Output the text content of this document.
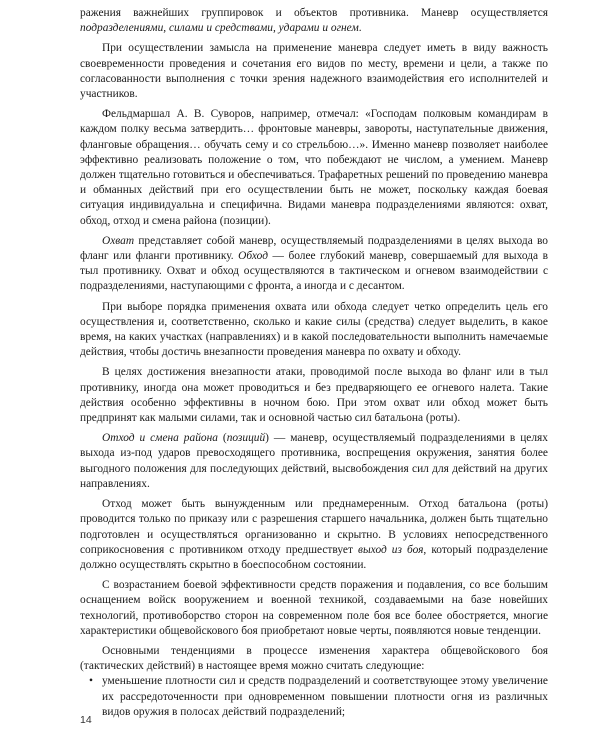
ражения важнейших группировок и объектов противника. Маневр осуществляется подразделениями, силами и средствами, ударами и огнем.

При осуществлении замысла на применение маневра следует иметь в виду важность своевременности проведения и сочетания его видов по месту, времени и цели, а также по согласованности выполнения с точки зрения надежного взаимодействия его исполнителей и участников.

Фельдмаршал А. В. Суворов, например, отмечал: «Господам полковым командирам в каждом полку весьма затвердить… фронтовые маневры, завороты, наступательные движения, фланговые обращения… обучать сему и со стрельбою…». Именно маневр позволяет наиболее эффективно реализовать положение о том, что побеждают не числом, а умением. Маневр должен тщательно готовиться и обеспечиваться. Трафаретных решений по проведению маневра и обманных действий при его осуществлении быть не может, поскольку каждая боевая ситуация индивидуальна и специфична. Видами маневра подразделениями являются: охват, обход, отход и смена района (позиции).

Охват представляет собой маневр, осуществляемый подразделениями в целях выхода во фланг или фланги противнику. Обход — более глубокий маневр, совершаемый для выхода в тыл противнику. Охват и обход осуществляются в тактическом и огневом взаимодействии с подразделениями, наступающими с фронта, а иногда и с десантом.

При выборе порядка применения охвата или обхода следует четко определить цель его осуществления и, соответственно, сколько и какие силы (средства) следует выделить, в какое время, на каких участках (направлениях) и в какой последовательности выполнить намечаемые действия, чтобы достичь внезапности проведения маневра по охвату и обходу.

В целях достижения внезапности атаки, проводимой после выхода во фланг или в тыл противнику, иногда она может проводиться и без предваряющего ее огневого налета. Такие действия особенно эффективны в ночном бою. При этом охват или обход может быть предпринят как малыми силами, так и основной частью сил батальона (роты).

Отход и смена района (позиций) — маневр, осуществляемый подразделениями в целях выхода из-под ударов превосходящего противника, воспрещения окружения, занятия более выгодного положения для последующих действий, высвобождения сил для действий на других направлениях.

Отход может быть вынужденным или преднамеренным. Отход батальона (роты) проводится только по приказу или с разрешения старшего начальника, должен быть тщательно подготовлен и осуществляться организованно и скрытно. В условиях непосредственного соприкосновения с противником отходу предшествует выход из боя, который подразделение должно осуществлять скрытно в боеспособном состоянии.

С возрастанием боевой эффективности средств поражения и подавления, со все большим оснащением войск вооружением и военной техникой, создаваемыми на базе новейших технологий, противоборство сторон на современном поле боя все более обостряется, многие характеристики общевойскового боя приобретают новые черты, появляются новые тенденции.

Основными тенденциями в процессе изменения характера общевойскового боя (тактических действий) в настоящее время можно считать следующие:

• уменьшение плотности сил и средств подразделений и соответствующее этому увеличение их рассредоточенности при одновременном повышении плотности огня из различных видов оружия в полосах действий подразделений;
14
